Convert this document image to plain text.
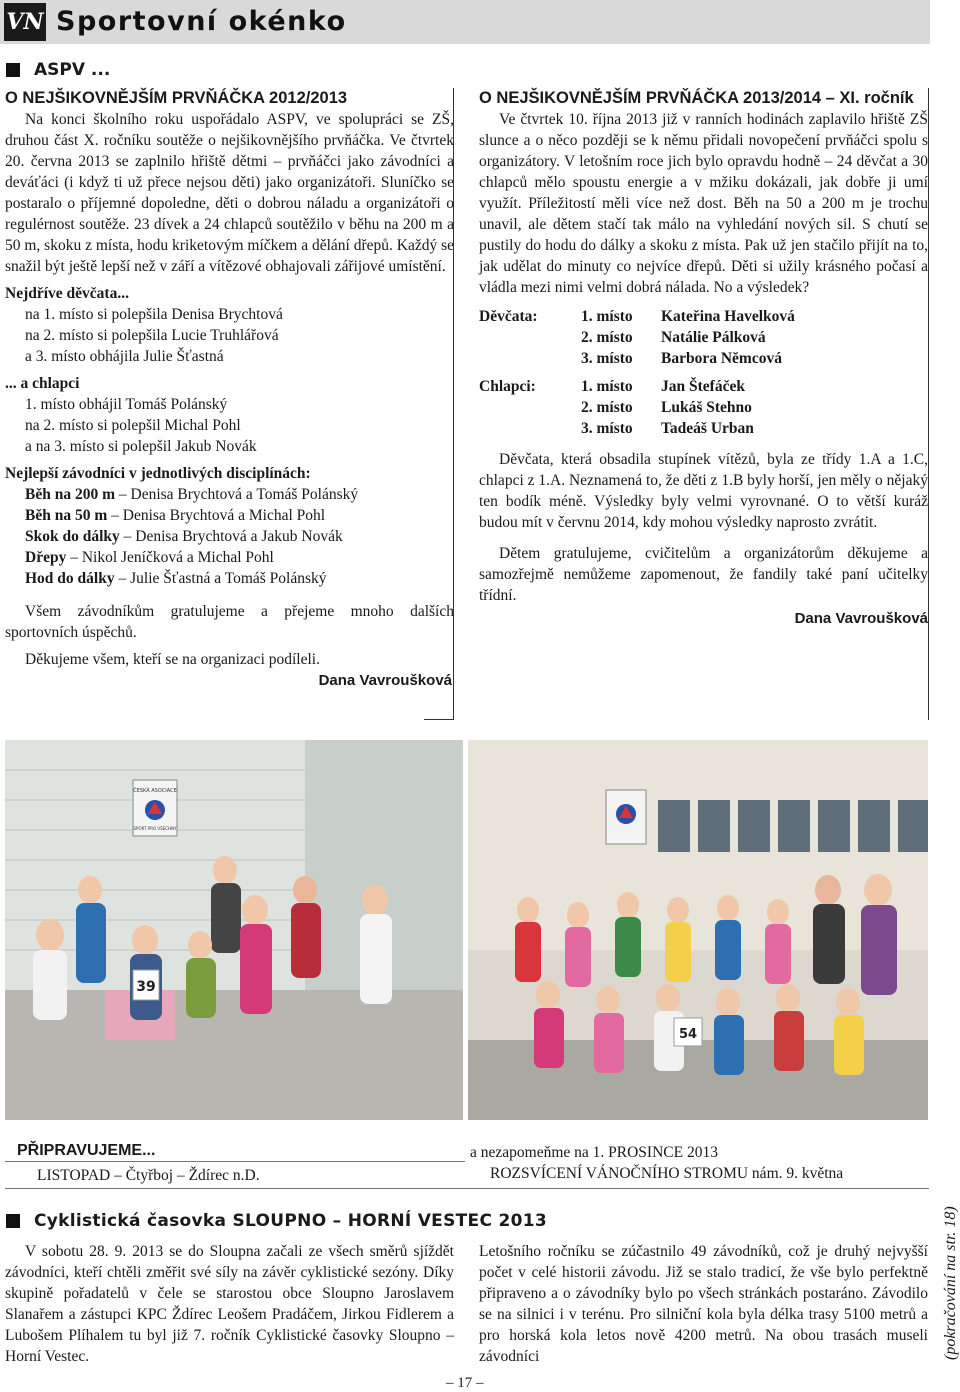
VN Sportovní okénko
ASPV ...
O NEJŠIKOVNĚJŠÍM PRVŇÁČKA 2012/2013
Na konci školního roku uspořádalo ASPV, ve spolupráci se ZŠ, druhou část X. ročníku soutěže o nejšikovnějšího prvňáčka. Ve čtvrtek 20. června 2013 se zaplnilo hřiště dětmi – prvňáčci jako závodníci a deváťáci (i když ti už přece nejsou děti) jako organizátoři. Sluníčko se postaralo o příjemné dopoledne, děti o dobrou náladu a organizátoři o regulérnost soutěže. 23 dívek a 24 chlapců soutěžilo v běhu na 200 m a 50 m, skoku z místa, hodu kriketovým míčkem a dělání dřepů. Každý se snažil být ještě lepší než v září a vítězové obhajovali zářijové umístění.
Nejdříve děvčata...
na 1. místo si polepšila Denisa Brychtová
na 2. místo si polepšila Lucie Truhlářová
a 3. místo obhájila Julie Šťastná
... a chlapci
1. místo obhájil Tomáš Polánský
na 2. místo si polepšil Michal Pohl
a na 3. místo si polepšil Jakub Novák
Nejlepší závodníci v jednotlivých disciplínách:
Běh na 200 m – Denisa Brychtová a Tomáš Polánský
Běh na 50 m – Denisa Brychtová a Michal Pohl
Skok do dálky – Denisa Brychtová a Jakub Novák
Dřepy – Nikol Jeníčková a Michal Pohl
Hod do dálky – Julie Šťastná a Tomáš Polánský
Všem závodníkům gratulujeme a přejeme mnoho dalších sportovních úspěchů.
Děkujeme všem, kteří se na organizaci podíleli.
Dana Vavroušková
O NEJŠIKOVNĚJŠÍM PRVŇÁČKA 2013/2014 – XI. ročník
Ve čtvrtek 10. října 2013 již v ranních hodinách zaplavilo hřiště ZŠ slunce a o něco později se k němu přidali novopečení prvňáčci spolu s organizátory. V letošním roce jich bylo opravdu hodně – 24 děvčat a 30 chlapců mělo spoustu energie a v mžiku dokázali, jak dobře ji umí využít. Příležitostí měli více než dost. Běh na 50 a 200 m je trochu unavil, ale dětem stačí tak málo na vyhledání nových sil. S chutí se pustily do hodu do dálky a skoku z místa. Pak už jen stačilo přijít na to, jak udělat do minuty co nejvíce dřepů. Děti si užily krásného počasí a vládla mezi nimi velmi dobrá nálada. No a výsledek?
Děvčata:	1. místo	Kateřina Havelková
2. místo	Natálie Pálková
3. místo	Barbora Němcová
Chlapci:	1. místo	Jan Štefáček
2. místo	Lukáš Stehno
3. místo	Tadeáš Urban
Děvčata, která obsadila stupínek vítězů, byla ze třídy 1.A a 1.C, chlapci z 1.A. Neznamená to, že děti z 1.B byly horší, jen měly o nějaký ten bodík méně. Výsledky byly velmi vyrovnané. O to větší kuráž budou mít v červnu 2014, kdy mohou výsledky naprosto zvrátit.
Dětem gratulujeme, cvičitelům a organizátorům děkujeme a samozřejmě nemůžeme zapomenout, že fandily také paní učitelky třídní.
Dana Vavroušková
ČESKÁ ASOCIACE
SPORT PRO VŠECHNY
39
54
PŘIPRAVUJEME...
LISTOPAD – Čtyřboj – Ždírec n.D.
a nezapomeňme na 1. PROSINCE 2013
ROZSVÍCENÍ VÁNOČNÍHO STROMU nám. 9. května
Cyklistická časovka SLOUPNO – HORNÍ VESTEC 2013
V sobotu 28. 9. 2013 se do Sloupna začali ze všech směrů sjíždět závodníci, kteří chtěli změřit své síly na závěr cyklistické sezóny. Díky skupině pořadatelů v čele se starostou obce Sloupno Jaroslavem Slanařem a zástupci KPC Ždírec Leošem Pradáčem, Jirkou Fidlerem a Lubošem Plíhalem tu byl již 7. ročník Cyklistické časovky Sloupno – Horní Vestec.
Letošního ročníku se zúčastnilo 49 závodníků, což je druhý nejvyšší počet v celé historii závodu. Již se stalo tradicí, že vše bylo perfektně připraveno a o závodníky bylo po všech stránkách postaráno. Závodilo se na silnici i v terénu. Pro silniční kola byla délka trasy 5100 metrů a pro horská kola letos nově 4200 metrů. Na obou trasách museli závodníci	(pokračování na str. 18)
– 17 –
